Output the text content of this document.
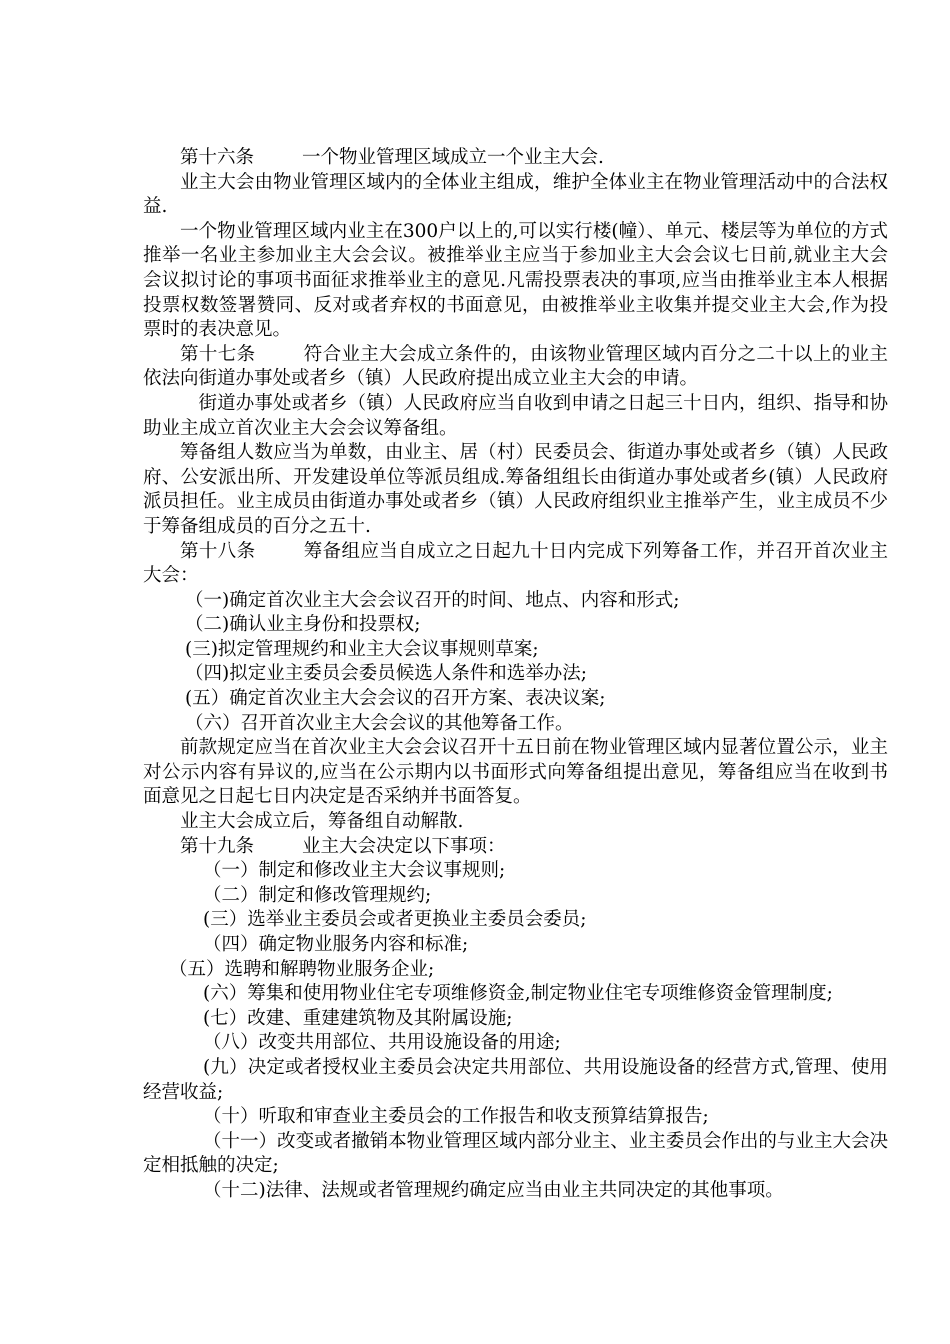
第十六条	一个物业管理区域成立一个业主大会.

业主大会由物业管理区域内的全体业主组成，维护全体业主在物业管理活动中的合法权益.

一个物业管理区域内业主在300户以上的,可以实行楼(幢）、单元、楼层等为单位的方式推举一名业主参加业主大会会议。被推举业主应当于参加业主大会会议七日前,就业主大会会议拟讨论的事项书面征求推举业主的意见.凡需投票表决的事项,应当由推举业主本人根据投票权数签署赞同、反对或者弃权的书面意见，由被推举业主收集并提交业主大会,作为投票时的表决意见。

第十七条	符合业主大会成立条件的，由该物业管理区域内百分之二十以上的业主依法向街道办事处或者乡（镇）人民政府提出成立业主大会的申请。

街道办事处或者乡（镇）人民政府应当自收到申请之日起三十日内，组织、指导和协助业主成立首次业主大会会议筹备组。

筹备组人数应当为单数，由业主、居（村）民委员会、街道办事处或者乡（镇）人民政府、公安派出所、开发建设单位等派员组成.筹备组组长由街道办事处或者乡(镇）人民政府派员担任。业主成员由街道办事处或者乡（镇）人民政府组织业主推举产生，业主成员不少于筹备组成员的百分之五十.

第十八条	筹备组应当自成立之日起九十日内完成下列筹备工作，并召开首次业主大会：

（一)确定首次业主大会会议召开的时间、地点、内容和形式;

（二)确认业主身份和投票权;

(三)拟定管理规约和业主大会议事规则草案;

（四)拟定业主委员会委员候选人条件和选举办法;

(五）确定首次业主大会会议的召开方案、表决议案;

（六）召开首次业主大会会议的其他筹备工作。

前款规定应当在首次业主大会会议召开十五日前在物业管理区域内显著位置公示，业主对公示内容有异议的,应当在公示期内以书面形式向筹备组提出意见，筹备组应当在收到书面意见之日起七日内决定是否采纳并书面答复。

业主大会成立后，筹备组自动解散.

第十九条	业主大会决定以下事项：

（一）制定和修改业主大会议事规则;

（二）制定和修改管理规约;

(三）选举业主委员会或者更换业主委员会委员;

（四）确定物业服务内容和标准;

（五）选聘和解聘物业服务企业;

(六）筹集和使用物业住宅专项维修资金,制定物业住宅专项维修资金管理制度;

(七）改建、重建建筑物及其附属设施;

（八）改变共用部位、共用设施设备的用途;

(九）决定或者授权业主委员会决定共用部位、共用设施设备的经营方式,管理、使用经营收益;

（十）听取和审查业主委员会的工作报告和收支预算结算报告;

（十一）改变或者撤销本物业管理区域内部分业主、业主委员会作出的与业主大会决定相抵触的决定;

（十二)法律、法规或者管理规约确定应当由业主共同决定的其他事项。
